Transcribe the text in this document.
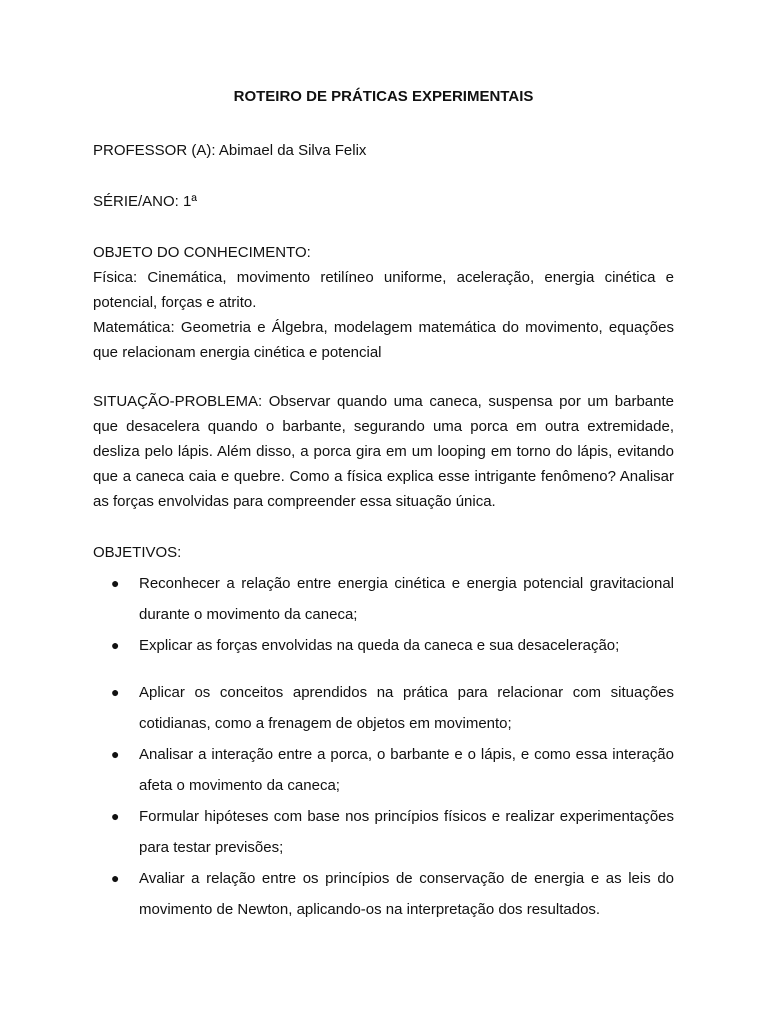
ROTEIRO DE PRÁTICAS EXPERIMENTAIS

PROFESSOR (A): Abimael da Silva Felix

SÉRIE/ANO: 1ª

OBJETO DO CONHECIMENTO:

Física: Cinemática, movimento retilíneo uniforme, aceleração, energia cinética e potencial, forças e atrito.

Matemática: Geometria e Álgebra, modelagem matemática do movimento, equações que relacionam energia cinética e potencial

SITUAÇÃO-PROBLEMA: Observar quando uma caneca, suspensa por um barbante que desacelera quando o barbante, segurando uma porca em outra extremidade, desliza pelo lápis. Além disso, a porca gira em um looping em torno do lápis, evitando que a caneca caia e quebre. Como a física explica esse intrigante fenômeno? Analisar as forças envolvidas para compreender essa situação única.

OBJETIVOS:

● Reconhecer a relação entre energia cinética e energia potencial gravitacional durante o movimento da caneca;
● Explicar as forças envolvidas na queda da caneca e sua desaceleração;
● Aplicar os conceitos aprendidos na prática para relacionar com situações cotidianas, como a frenagem de objetos em movimento;
● Analisar a interação entre a porca, o barbante e o lápis, e como essa interação afeta o movimento da caneca;
● Formular hipóteses com base nos princípios físicos e realizar experimentações para testar previsões;
● Avaliar a relação entre os princípios de conservação de energia e as leis do movimento de Newton, aplicando-os na interpretação dos resultados.
